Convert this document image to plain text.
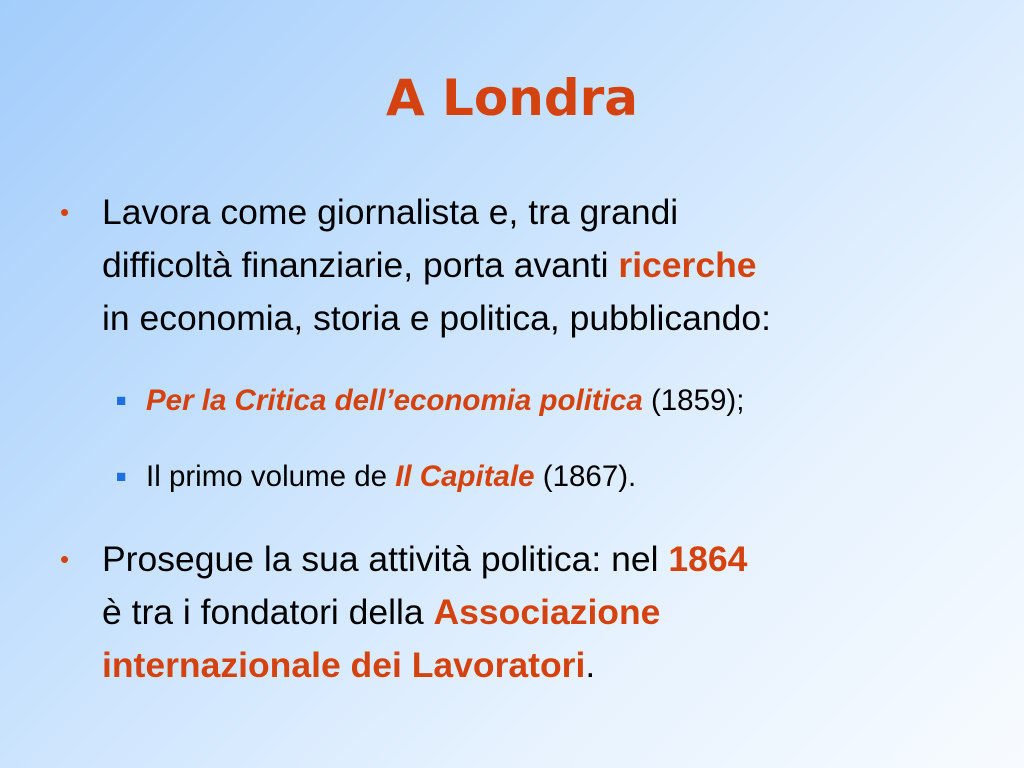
A Londra
• Lavora come giornalista e, tra grandi
difficoltà finanziarie, porta avanti ricerche
in economia, storia e politica, pubblicando:
■ Per la Critica dell’economia politica (1859);
■ Il primo volume de Il Capitale (1867).
• Prosegue la sua attività politica: nel 1864
è tra i fondatori della Associazione
internazionale dei Lavoratori.
